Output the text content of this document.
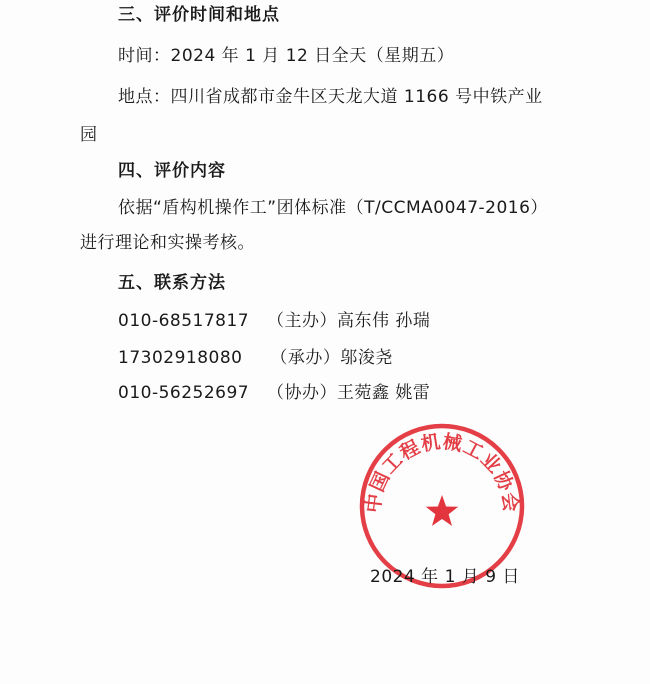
三、评价时间和地点
时间：2024 年 1 月 12 日全天（星期五）
地点：四川省成都市金牛区天龙大道 1166 号中铁产业
园
四、评价内容
依据“盾构机操作工”团体标准（T/CCMA0047-2016）
进行理论和实操考核。
五、联系方法
010-68517817 （主办）高东伟 孙瑞
17302918080 （承办）邬浚尧
010-56252697 （协办）王菀鑫 姚雷
中国工程机械工业协会
2024 年 1 月 9 日
